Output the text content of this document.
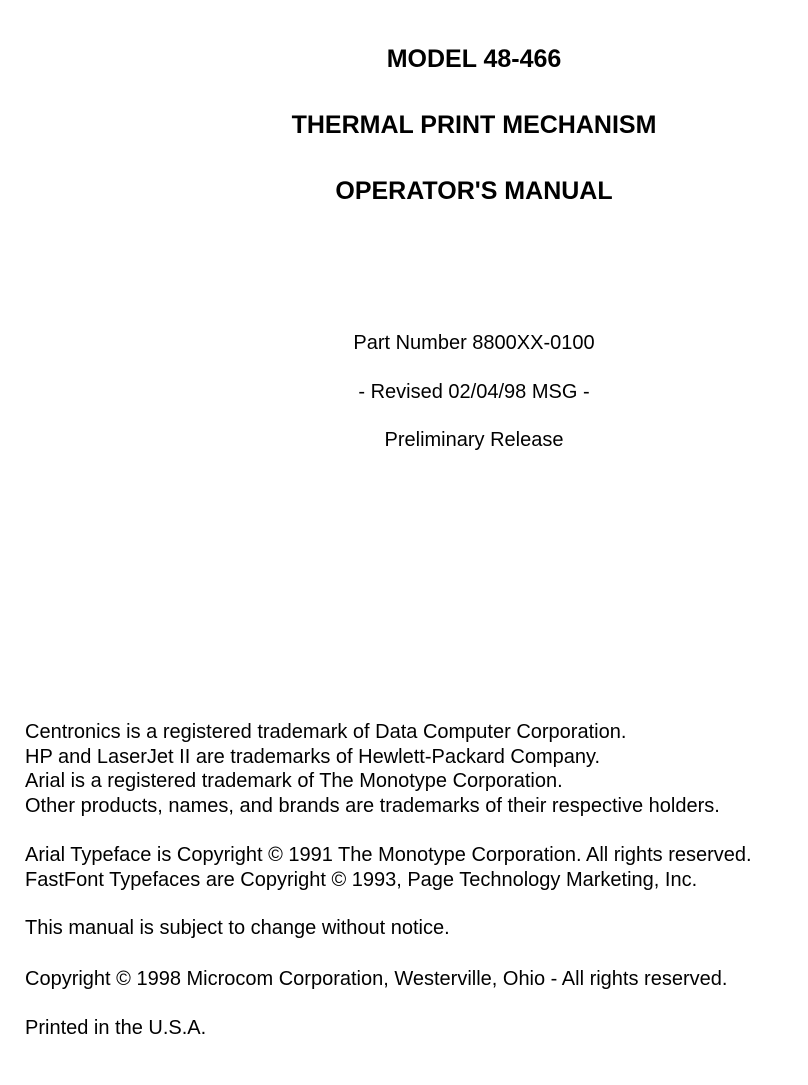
MODEL 48-466
THERMAL PRINT MECHANISM
OPERATOR'S MANUAL
Part Number 8800XX-0100
- Revised 02/04/98 MSG -
Preliminary Release

Centronics is a registered trademark of Data Computer Corporation.

HP and LaserJet II are trademarks of Hewlett-Packard Company.

Arial is a registered trademark of The Monotype Corporation.

Other products, names, and brands are trademarks of their respective holders.

Arial Typeface is Copyright © 1991 The Monotype Corporation. All rights reserved.

FastFont Typefaces are Copyright © 1993, Page Technology Marketing, Inc.

This manual is subject to change without notice.

Copyright © 1998 Microcom Corporation, Westerville, Ohio - All rights reserved.

Printed in the U.S.A.
